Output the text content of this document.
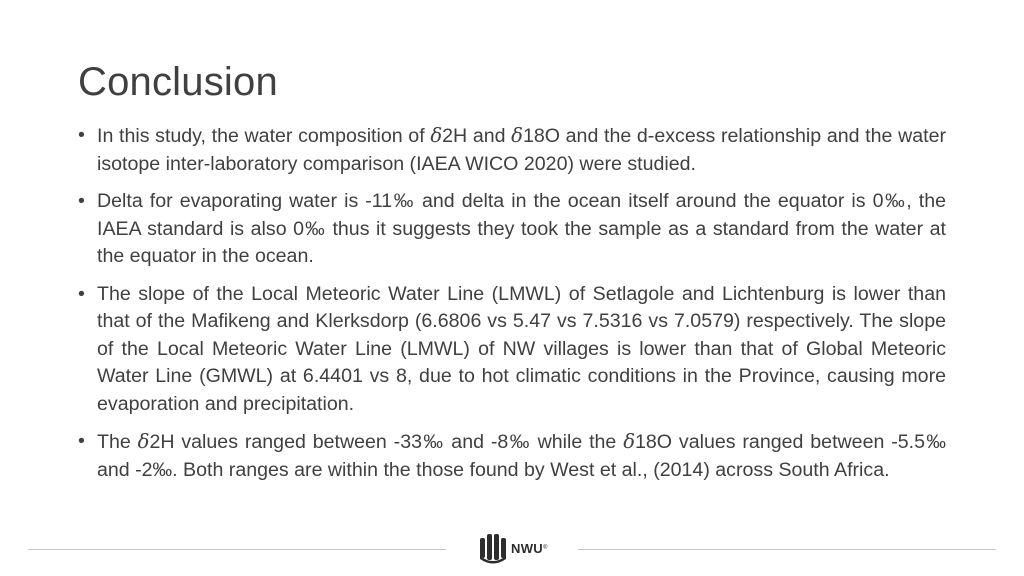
Conclusion
• In this study, the water composition of 𝛿2H and 𝛿18O and the d-excess relationship and the water isotope inter-laboratory comparison (IAEA WICO 2020) were studied.
• Delta for evaporating water is -11‰ and delta in the ocean itself around the equator is 0‰, the IAEA standard is also 0‰ thus it suggests they took the sample as a standard from the water at the equator in the ocean.
• The slope of the Local Meteoric Water Line (LMWL) of Setlagole and Lichtenburg is lower than that of the Mafikeng and Klerksdorp (6.6806 vs 5.47 vs 7.5316 vs 7.0579) respectively. The slope of the Local Meteoric Water Line (LMWL) of NW villages is lower than that of Global Meteoric Water Line (GMWL) at 6.4401 vs 8, due to hot climatic conditions in the Province, causing more evaporation and precipitation.
• The 𝛿2H values ranged between -33‰ and -8‰ while the 𝛿18O values ranged between -5.5‰ and -2‰. Both ranges are within the those found by West et al., (2014) across South Africa.
NWU ®
